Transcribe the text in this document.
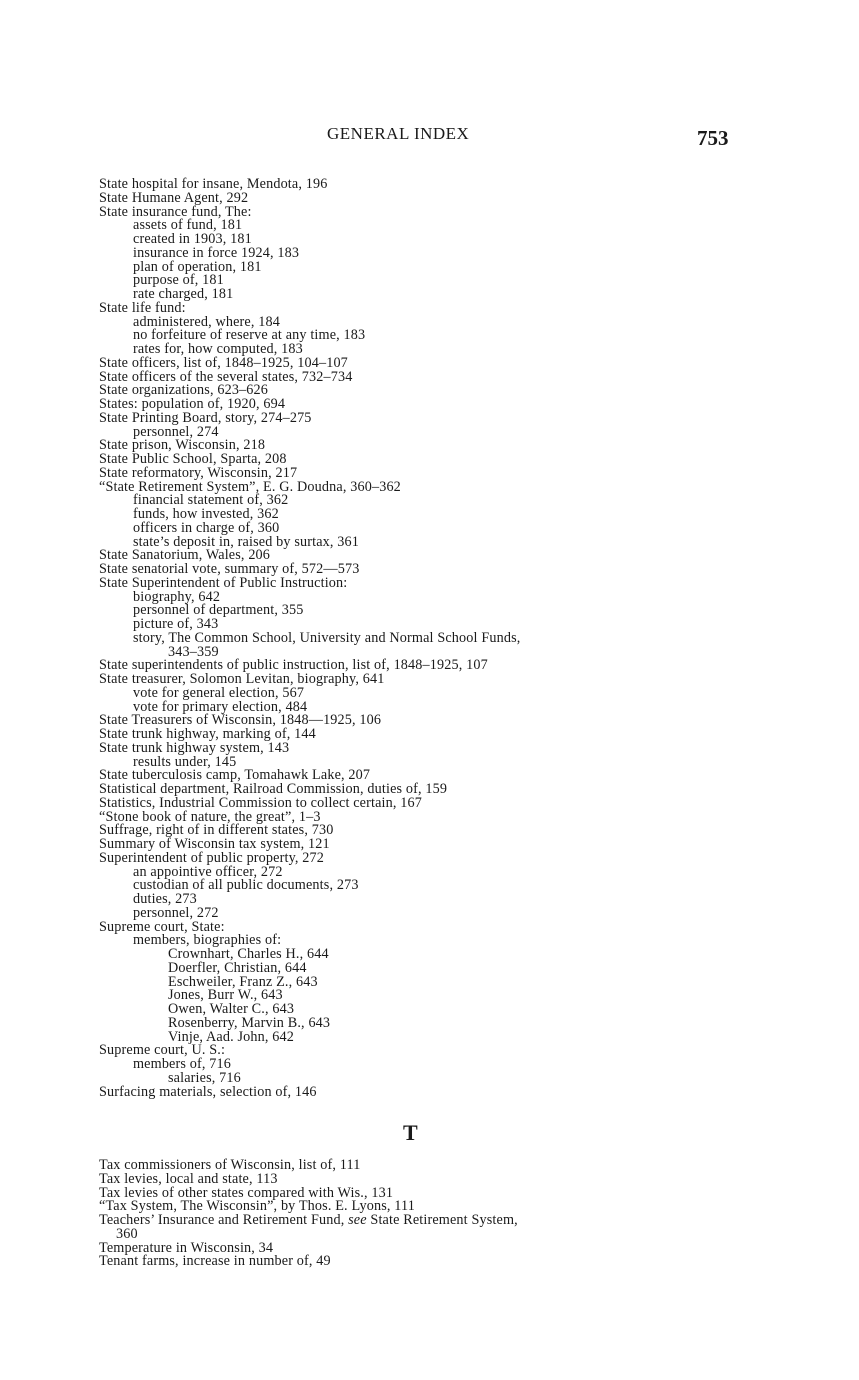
GENERAL INDEX	753
State hospital for insane, Mendota, 196
State Humane Agent, 292
State insurance fund, The:
assets of fund, 181
created in 1903, 181
insurance in force 1924, 183
plan of operation, 181
purpose of, 181
rate charged, 181
State life fund:
administered, where, 184
no forfeiture of reserve at any time, 183
rates for, how computed, 183
State officers, list of, 1848–1925, 104–107
State officers of the several states, 732–734
State organizations, 623–626
States: population of, 1920, 694
State Printing Board, story, 274–275
personnel, 274
State prison, Wisconsin, 218
State Public School, Sparta, 208
State reformatory, Wisconsin, 217
“State Retirement System”, E. G. Doudna, 360–362
financial statement of, 362
funds, how invested, 362
officers in charge of, 360
state’s deposit in, raised by surtax, 361
State Sanatorium, Wales, 206
State senatorial vote, summary of, 572—573
State Superintendent of Public Instruction:
biography, 642
personnel of department, 355
picture of, 343
story, The Common School, University and Normal School Funds,
343–359
State superintendents of public instruction, list of, 1848–1925, 107
State treasurer, Solomon Levitan, biography, 641
vote for general election, 567
vote for primary election, 484
State Treasurers of Wisconsin, 1848—1925, 106
State trunk highway, marking of, 144
State trunk highway system, 143
results under, 145
State tuberculosis camp, Tomahawk Lake, 207
Statistical department, Railroad Commission, duties of, 159
Statistics, Industrial Commission to collect certain, 167
“Stone book of nature, the great”, 1–3
Suffrage, right of in different states, 730
Summary of Wisconsin tax system, 121
Superintendent of public property, 272
an appointive officer, 272
custodian of all public documents, 273
duties, 273
personnel, 272
Supreme court, State:
members, biographies of:
Crownhart, Charles H., 644
Doerfler, Christian, 644
Eschweiler, Franz Z., 643
Jones, Burr W., 643
Owen, Walter C., 643
Rosenberry, Marvin B., 643
Vinje, Aad. John, 642
Supreme court, U. S.:
members of, 716
salaries, 716
Surfacing materials, selection of, 146
T
Tax commissioners of Wisconsin, list of, 111
Tax levies, local and state, 113
Tax levies of other states compared with Wis., 131
“Tax System, The Wisconsin”, by Thos. E. Lyons, 111
Teachers’ Insurance and Retirement Fund, see State Retirement System,
360
Temperature in Wisconsin, 34
Tenant farms, increase in number of, 49
